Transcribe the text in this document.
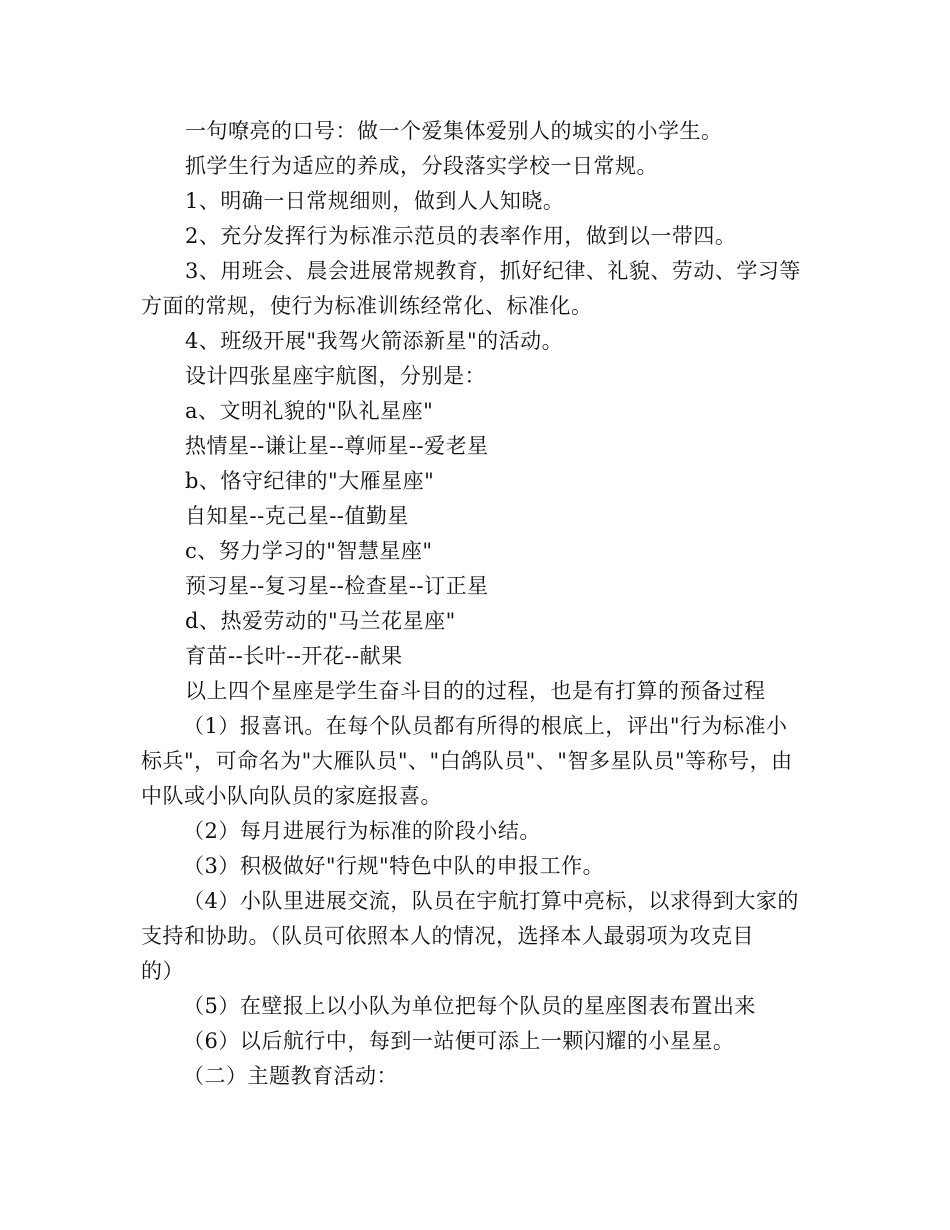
一句嘹亮的口号：做一个爱集体爱别人的城实的小学生。
抓学生行为适应的养成，分段落实学校一日常规。
1、明确一日常规细则，做到人人知晓。
2、充分发挥行为标准示范员的表率作用，做到以一带四。
3、用班会、晨会进展常规教育，抓好纪律、礼貌、劳动、学习等
方面的常规，使行为标准训练经常化、标准化。
4、班级开展"我驾火箭添新星"的活动。
设计四张星座宇航图，分别是：
a、文明礼貌的"队礼星座"
热情星--谦让星--尊师星--爱老星
b、恪守纪律的"大雁星座"
自知星--克己星--值勤星
c、努力学习的"智慧星座"
预习星--复习星--检查星--订正星
d、热爱劳动的"马兰花星座"
育苗--长叶--开花--献果
以上四个星座是学生奋斗目的的过程，也是有打算的预备过程
（1）报喜讯。在每个队员都有所得的根底上，评出"行为标准小
标兵"，可命名为"大雁队员"、"白鸽队员"、"智多星队员"等称号，由
中队或小队向队员的家庭报喜。
（2）每月进展行为标准的阶段小结。
（3）积极做好"行规"特色中队的申报工作。
（4）小队里进展交流，队员在宇航打算中亮标，以求得到大家的
支持和协助。（队员可依照本人的情况，选择本人最弱项为攻克目
的）
（5）在壁报上以小队为单位把每个队员的星座图表布置出来
（6）以后航行中，每到一站便可添上一颗闪耀的小星星。
（二）主题教育活动：
